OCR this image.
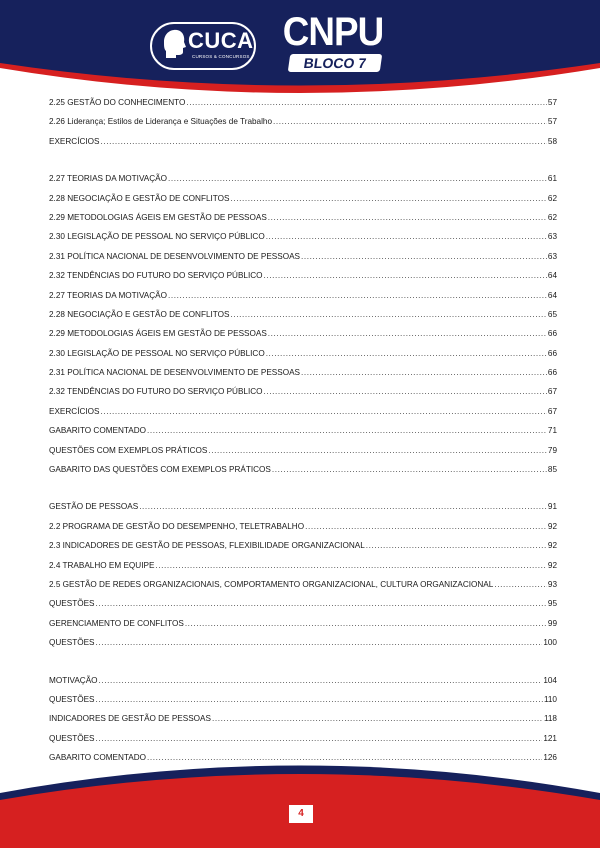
CUCA
CURSOS & CONCURSOS
CNPU
BLOCO 7
2.25 GESTÃO DO CONHECIMENTO .....	57
2.26 Liderança; Estilos de Liderança e Situações de Trabalho .....	57
EXERCÍCIOS .....	58
2.27 TEORIAS DA MOTIVAÇÃO .....	61
2.28 NEGOCIAÇÃO E GESTÃO DE CONFLITOS .....	62
2.29 METODOLOGIAS ÁGEIS EM GESTÃO DE PESSOAS .....	62
2.30 LEGISLAÇÃO DE PESSOAL NO SERVIÇO PÚBLICO .....	63
2.31 POLÍTICA NACIONAL DE DESENVOLVIMENTO DE PESSOAS .....	63
2.32 TENDÊNCIAS DO FUTURO DO SERVIÇO PÚBLICO .....	64
2.27 TEORIAS DA MOTIVAÇÃO .....	64
2.28 NEGOCIAÇÃO E GESTÃO DE CONFLITOS .....	65
2.29 METODOLOGIAS ÁGEIS EM GESTÃO DE PESSOAS .....	66
2.30 LEGISLAÇÃO DE PESSOAL NO SERVIÇO PÚBLICO .....	66
2.31 POLÍTICA NACIONAL DE DESENVOLVIMENTO DE PESSOAS .....	66
2.32 TENDÊNCIAS DO FUTURO DO SERVIÇO PÚBLICO .....	67
EXERCÍCIOS .....	67
GABARITO COMENTADO .....	71
QUESTÕES COM EXEMPLOS PRÁTICOS .....	79
GABARITO DAS QUESTÕES COM EXEMPLOS PRÁTICOS .....	85
GESTÃO DE PESSOAS .....	91
2.2 PROGRAMA DE GESTÃO DO DESEMPENHO, TELETRABALHO .....	92
2.3 INDICADORES DE GESTÃO DE PESSOAS, FLEXIBILIDADE ORGANIZACIONAL .....	92
2.4 TRABALHO EM EQUIPE .....	92
2.5 GESTÃO DE REDES ORGANIZACIONAIS, COMPORTAMENTO ORGANIZACIONAL, CULTURA ORGANIZACIONAL .....	93
QUESTÕES .....	95
GERENCIAMENTO DE CONFLITOS .....	99
QUESTÕES .....	100
MOTIVAÇÃO .....	104
QUESTÕES .....	110
INDICADORES DE GESTÃO DE PESSOAS .....	118
QUESTÕES .....	121
GABARITO COMENTADO .....	126
4
